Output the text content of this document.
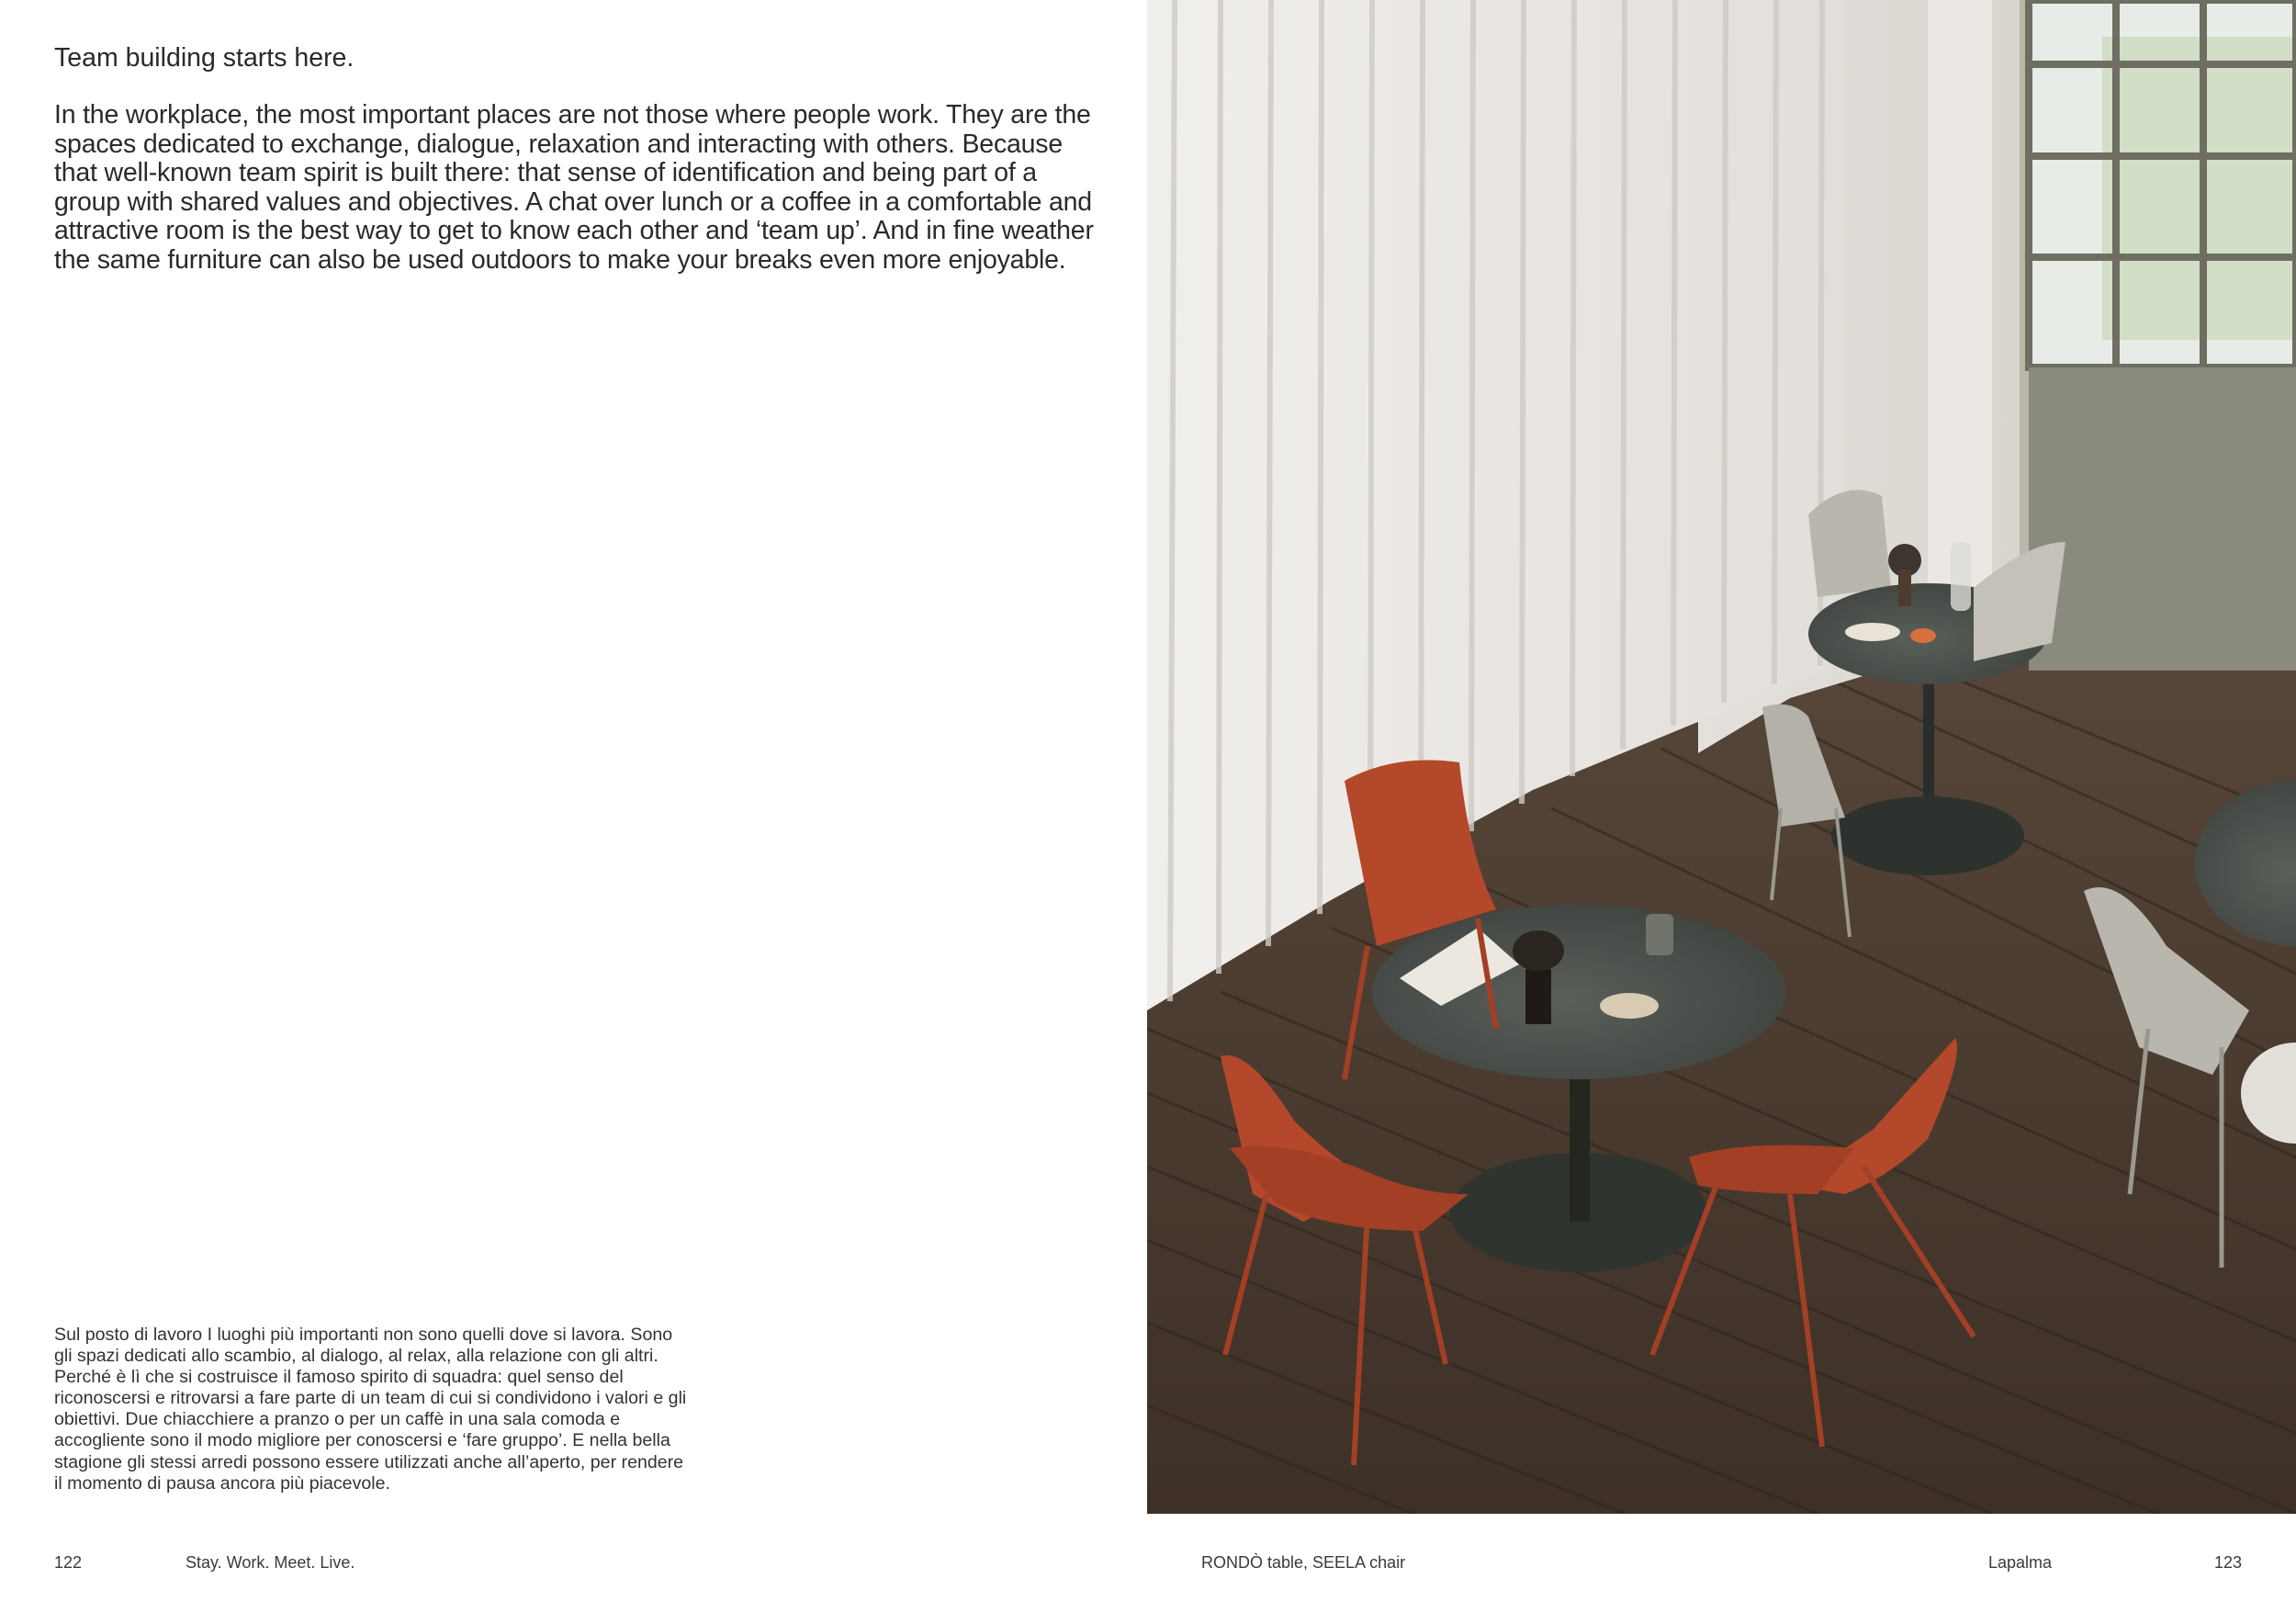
Team building starts here.

In the workplace, the most important places are not those where people work. They are the spaces dedicated to exchange, dialogue, relaxation and interacting with others. Because that well-known team spirit is built there: that sense of identification and being part of a group with shared values and objectives. A chat over lunch or a coffee in a comfortable and attractive room is the best way to get to know each other and ‘team up’. And in fine weather the same furniture can also be used outdoors to make your breaks even more enjoyable.

Sul posto di lavoro I luoghi più importanti non sono quelli dove si lavora. Sono gli spazi dedicati allo scambio, al dialogo, al relax, alla relazione con gli altri. Perché è lì che si costruisce il famoso spirito di squadra: quel senso del riconoscersi e ritrovarsi a fare parte di un team di cui si condividono i valori e gli obiettivi. Due chiacchiere a pranzo o per un caffè in una sala comoda e accogliente sono il modo migliore per conoscersi e ‘fare gruppo’. E nella bella stagione gli stessi arredi possono essere utilizzati anche all’aperto, per rendere il momento di pausa ancora più piacevole.

122	Stay. Work. Meet. Live.	RONDÒ table, SEELA chair	Lapalma	123
